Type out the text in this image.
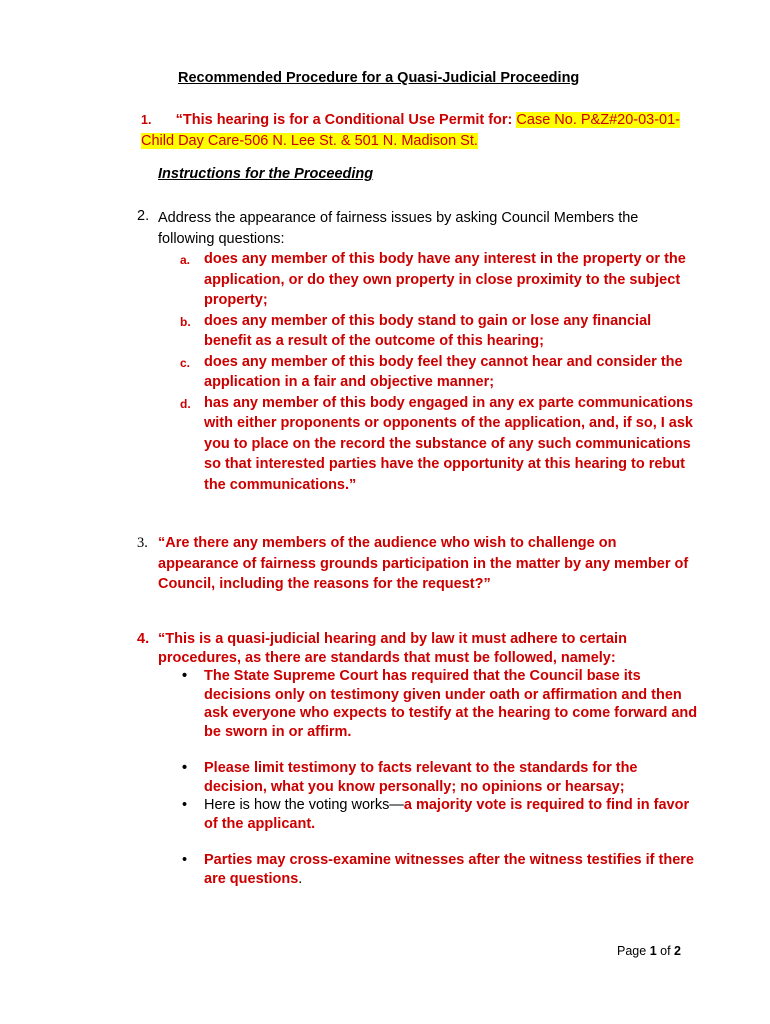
Recommended Procedure for a Quasi-Judicial Proceeding
1. “This hearing is for a Conditional Use Permit for: Case No. P&Z#20-03-01-Child Day Care-506 N. Lee St. & 501 N. Madison St.
Instructions for the Proceeding
2. Address the appearance of fairness issues by asking Council Members the following questions:
a. does any member of this body have any interest in the property or the application, or do they own property in close proximity to the subject property;
b. does any member of this body stand to gain or lose any financial benefit as a result of the outcome of this hearing;
c. does any member of this body feel they cannot hear and consider the application in a fair and objective manner;
d. has any member of this body engaged in any ex parte communications with either proponents or opponents of the application, and, if so, I ask you to place on the record the substance of any such communications so that interested parties have the opportunity at this hearing to rebut the communications.”
3. “Are there any members of the audience who wish to challenge on appearance of fairness grounds participation in the matter by any member of Council, including the reasons for the request?”
4. “This is a quasi-judicial hearing and by law it must adhere to certain procedures, as there are standards that must be followed, namely:
• The State Supreme Court has required that the Council base its decisions only on testimony given under oath or affirmation and then ask everyone who expects to testify at the hearing to come forward and be sworn in or affirm.
• Please limit testimony to facts relevant to the standards for the decision, what you know personally; no opinions or hearsay;
• Here is how the voting works—a majority vote is required to find in favor of the applicant.
• Parties may cross-examine witnesses after the witness testifies if there are questions.
Page 1 of 2
